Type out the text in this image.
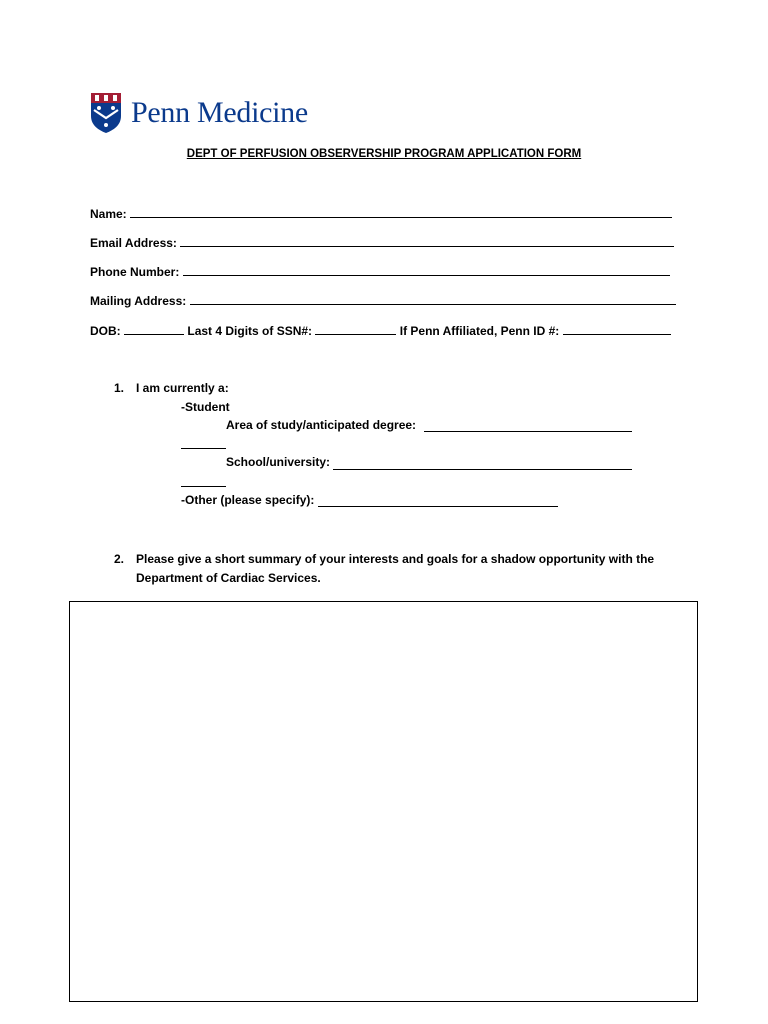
Penn Medicine
DEPT OF PERFUSION OBSERVERSHIP PROGRAM APPLICATION FORM
Name:
Email Address:
Phone Number:
Mailing Address:
DOB:	Last 4 Digits of SSN#:	If Penn Affiliated, Penn ID #:
1. I am currently a:
-Student
Area of study/anticipated degree:
School/university:
-Other (please specify):
2. Please give a short summary of your interests and goals for a shadow opportunity with the
Department of Cardiac Services.
